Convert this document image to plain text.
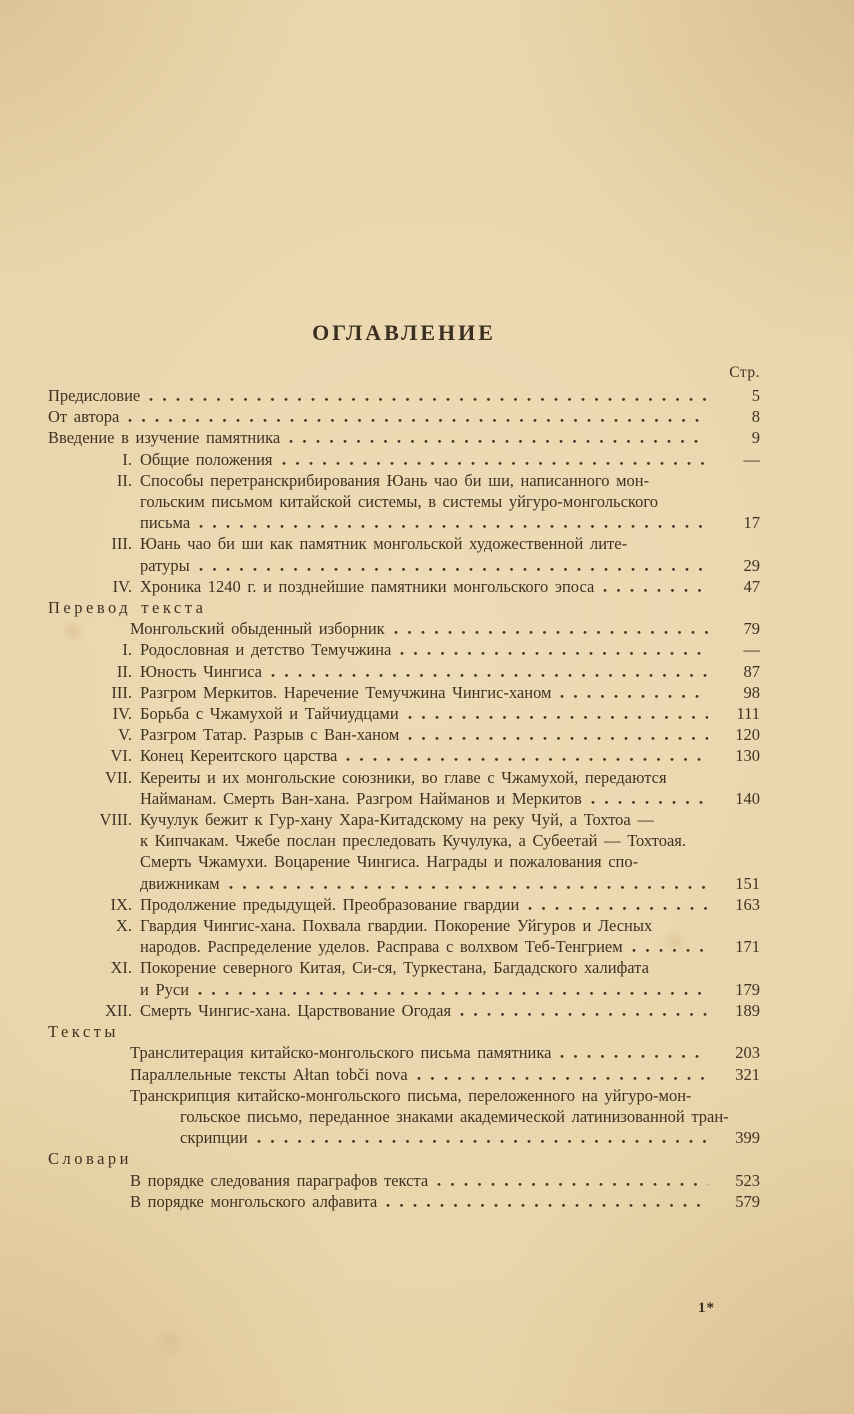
ОГЛАВЛЕНИЕ
Стр.
Предисловие	5
От автора	8
Введение в изучение памятника	9
I. Общие положения	—
II. Способы перетранскрибирования Юань чао би ши, написанного мон-
гольским письмом китайской системы, в системы уйгуро-монгольского
письма	17
III. Юань чао би ши как памятник монгольской художественной лите-
ратуры	29
IV. Хроника 1240 г. и позднейшие памятники монгольского эпоса	47
Перевод текста
Монгольский обыденный изборник	79
I. Родословная и детство Темучжина	—
II. Юность Чингиса	87
III. Разгром Меркитов. Наречение Темучжина Чингис-ханом	98
IV. Борьба с Чжамухой и Тайчиудцами	111
V. Разгром Татар. Разрыв с Ван-ханом	120
VI. Конец Кереитского царства	130
VII. Кереиты и их монгольские союзники, во главе с Чжамухой, передаются
Найманам. Смерть Ван-хана. Разгром Найманов и Меркитов	140
VIII. Кучулук бежит к Гур-хану Хара-Китадскому на реку Чуй, а Тохтоа —
к Кипчакам. Чжебе послан преследовать Кучулука, а Субеетай — Тохтоая.
Смерть Чжамухи. Воцарение Чингиса. Награды и пожалования спо-
движникам	151
IX. Продолжение предыдущей. Преобразование гвардии	163
X. Гвардия Чингис-хана. Похвала гвардии. Покорение Уйгуров и Лесных
народов. Распределение уделов. Расправа с волхвом Теб-Тенгрием	171
XI. Покорение северного Китая, Си-ся, Туркестана, Багдадского халифата
и Руси	179
XII. Смерть Чингис-хана. Царствование Огодая	189
Тексты
Транслитерация китайско-монгольского письма памятника	203
Параллельные тексты Ałtan tobči nova	321
Транскрипция китайско-монгольского письма, переложенного на уйгуро-мон-
гольское письмо, переданное знаками академической латинизованной тран-
скрипции	399
Словари
В порядке следования параграфов текста	523
В порядке монгольского алфавита	579
1*
